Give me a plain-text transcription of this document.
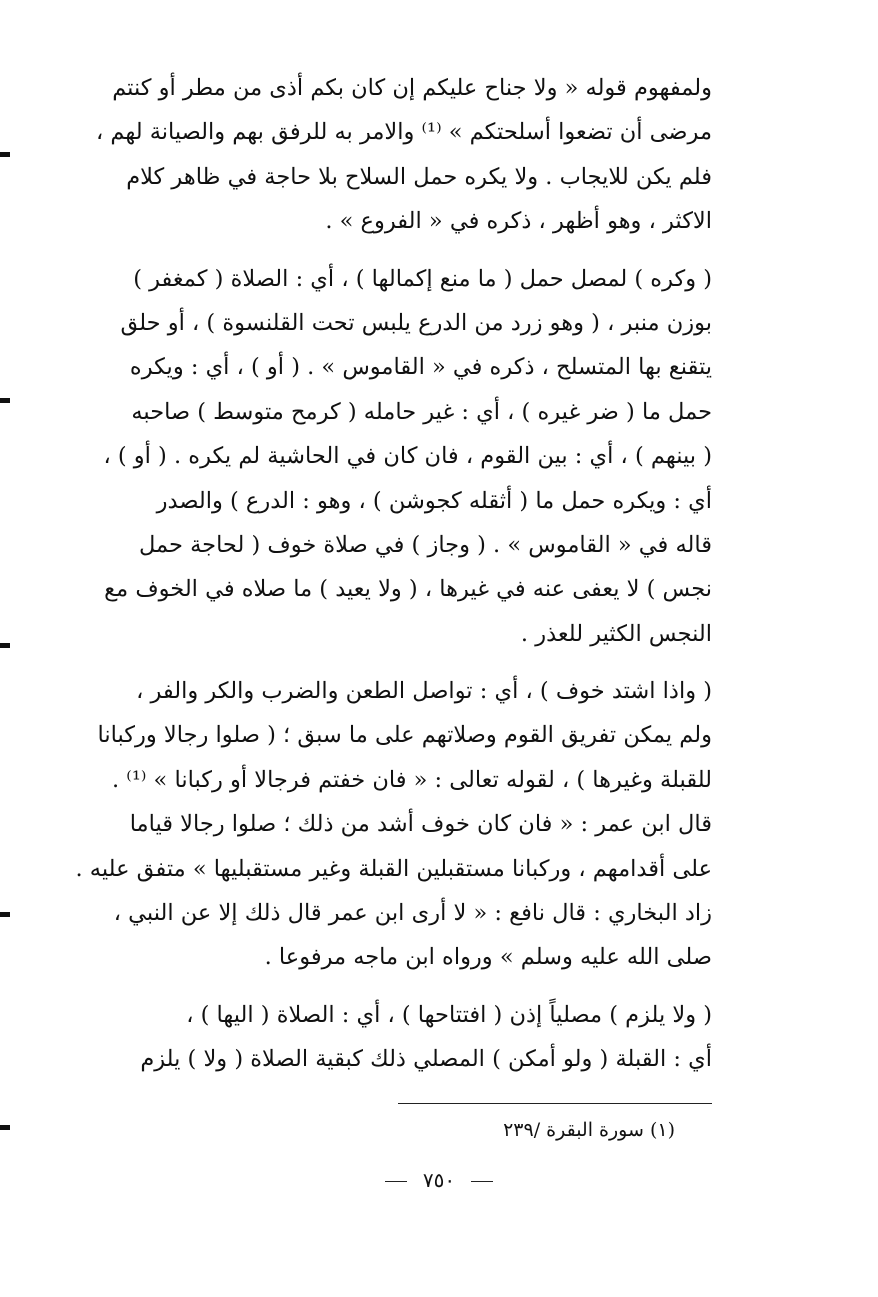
ولمفهوم قوله « ولا جناح عليكم إن كان بكم أذى من مطر أو كنتم
مرضى أن تضعوا أسلحتكم » ⁽¹⁾ والامر به للرفق بهم والصيانة لهم ،
فلم يكن للايجاب . ولا يكره حمل السلاح بلا حاجة في ظاهر كلام
الاكثر ، وهو أظهر ، ذكره في « الفروع » .
( وكره ) لمصل حمل ( ما منع إكمالها ) ، أي : الصلاة ( كمغفر )
بوزن منبر ، ( وهو زرد من الدرع يلبس تحت القلنسوة ) ، أو حلق
يتقنع بها المتسلح ، ذكره في « القاموس » . ( أو ) ، أي : ويكره
حمل ما ( ضر غيره ) ، أي : غير حامله ( كرمح متوسط ) صاحبه
( بينهم ) ، أي : بين القوم ، فان كان في الحاشية لم يكره . ( أو ) ،
أي : ويكره حمل ما ( أثقله كجوشن ) ، وهو : الدرع ) والصدر
قاله في « القاموس » . ( وجاز ) في صلاة خوف ( لحاجة حمل
نجس ) لا يعفى عنه في غيرها ، ( ولا يعيد ) ما صلاه في الخوف مع
النجس الكثير للعذر .
( واذا اشتد خوف ) ، أي : تواصل الطعن والضرب والكر والفر ،
ولم يمكن تفريق القوم وصلاتهم على ما سبق ؛ ( صلوا رجالا وركبانا
للقبلة وغيرها ) ، لقوله تعالى : « فان خفتم فرجالا أو ركبانا » ⁽¹⁾ .
قال ابن عمر : « فان كان خوف أشد من ذلك ؛ صلوا رجالا قياما
على أقدامهم ، وركبانا مستقبلين القبلة وغير مستقبليها » متفق عليه .
زاد البخاري : قال نافع : « لا أرى ابن عمر قال ذلك إلا عن النبي ،
صلى الله عليه وسلم » ورواه ابن ماجه مرفوعا .
( ولا يلزم ) مصلياً إذن ( افتتاحها ) ، أي : الصلاة ( اليها ) ،
أي : القبلة ( ولو أمكن ) المصلي ذلك كبقية الصلاة ( ولا ) يلزم
(١) سورة البقرة /٢٣٩
٧٥٠
